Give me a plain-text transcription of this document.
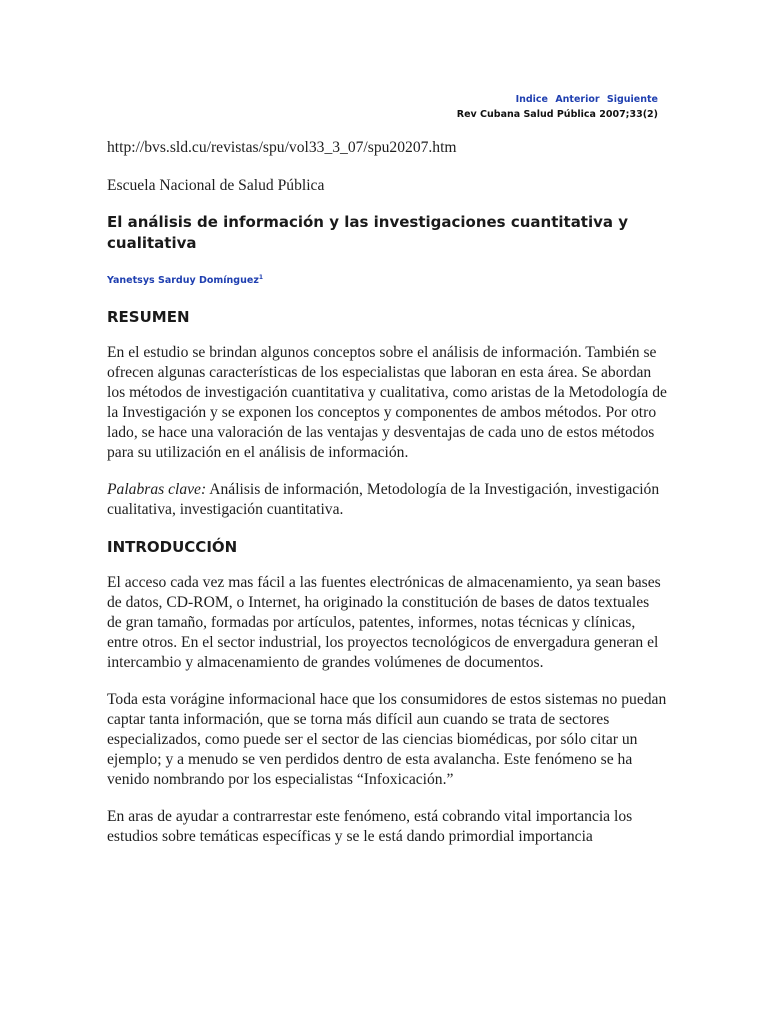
Indice Anterior Siguiente
Rev Cubana Salud Pública 2007;33(2)
http://bvs.sld.cu/revistas/spu/vol33_3_07/spu20207.htm
Escuela Nacional de Salud Pública
El análisis de información y las investigaciones cuantitativa y cualitativa
Yanetsys Sarduy Domínguez$^1$
RESUMEN

En el estudio se brindan algunos conceptos sobre el análisis de información. También se ofrecen algunas características de los especialistas que laboran en esta área. Se abordan los métodos de investigación cuantitativa y cualitativa, como aristas de la Metodología de la Investigación y se exponen los conceptos y componentes de ambos métodos. Por otro lado, se hace una valoración de las ventajas y desventajas de cada uno de estos métodos para su utilización en el análisis de información.

Palabras clave: Análisis de información, Metodología de la Investigación, investigación cualitativa, investigación cuantitativa.

INTRODUCCIÓN

El acceso cada vez mas fácil a las fuentes electrónicas de almacenamiento, ya sean bases de datos, CD-ROM, o Internet, ha originado la constitución de bases de datos textuales de gran tamaño, formadas por artículos, patentes, informes, notas técnicas y clínicas, entre otros. En el sector industrial, los proyectos tecnológicos de envergadura generan el intercambio y almacenamiento de grandes volúmenes de documentos.

Toda esta vorágine informacional hace que los consumidores de estos sistemas no puedan captar tanta información, que se torna más difícil aun cuando se trata de sectores especializados, como puede ser el sector de las ciencias biomédicas, por sólo citar un ejemplo; y a menudo se ven perdidos dentro de esta avalancha. Este fenómeno se ha venido nombrando por los especialistas “Infoxicación.”

En aras de ayudar a contrarrestar este fenómeno, está cobrando vital importancia los estudios sobre temáticas específicas y se le está dando primordial importancia
